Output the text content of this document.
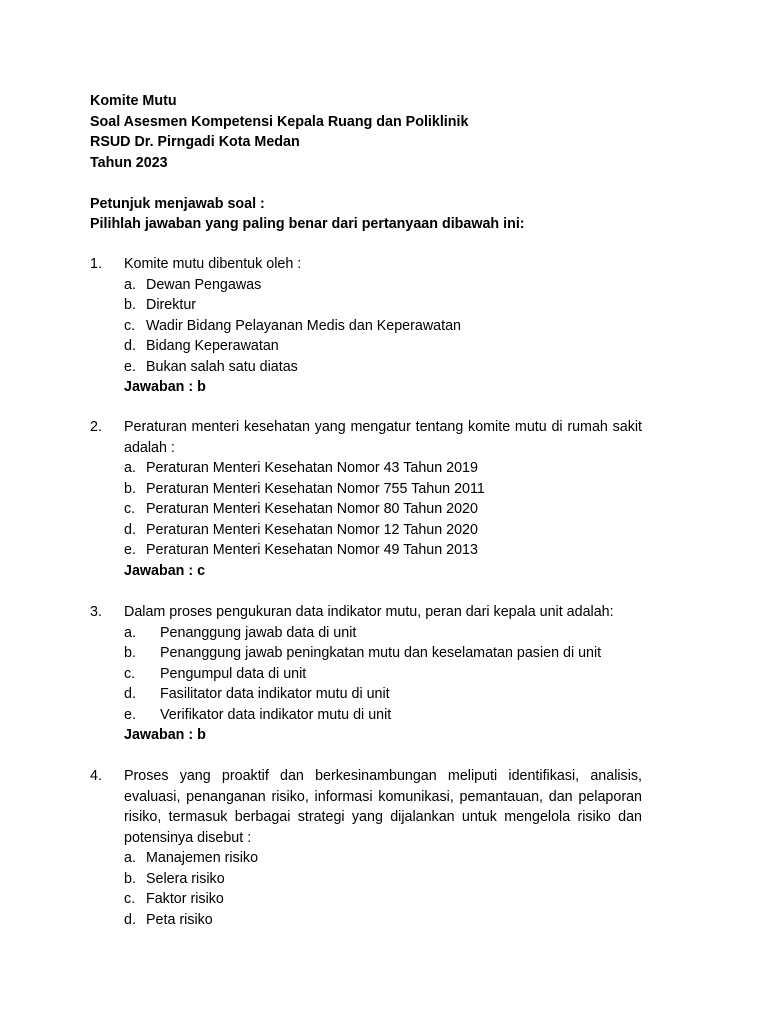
Komite Mutu
Soal Asesmen Kompetensi Kepala Ruang dan Poliklinik
RSUD Dr. Pirngadi Kota Medan
Tahun 2023
Petunjuk menjawab soal :
Pilihlah jawaban yang paling benar dari pertanyaan dibawah ini:
1.	Komite mutu dibentuk oleh :
a. Dewan Pengawas
b. Direktur
c. Wadir Bidang Pelayanan Medis dan Keperawatan
d. Bidang Keperawatan
e. Bukan salah satu diatas
Jawaban : b
2.	Peraturan menteri kesehatan yang mengatur tentang komite mutu di rumah sakit adalah :
a. Peraturan Menteri Kesehatan Nomor 43 Tahun 2019
b. Peraturan Menteri Kesehatan Nomor 755 Tahun 2011
c. Peraturan Menteri Kesehatan Nomor 80 Tahun 2020
d. Peraturan Menteri Kesehatan Nomor 12 Tahun 2020
e. Peraturan Menteri Kesehatan Nomor 49 Tahun 2013
Jawaban : c
3.	Dalam proses pengukuran data indikator mutu, peran dari kepala unit adalah:
a.	Penanggung jawab data di unit
b.	Penanggung jawab peningkatan mutu dan keselamatan pasien di unit
c.	Pengumpul data di unit
d.	Fasilitator data indikator mutu di unit
e.	Verifikator data indikator mutu di unit
Jawaban : b
4.	Proses yang proaktif dan berkesinambungan meliputi identifikasi, analisis, evaluasi, penanganan risiko, informasi komunikasi, pemantauan, dan pelaporan risiko, termasuk berbagai strategi yang dijalankan untuk mengelola risiko dan potensinya disebut :
a. Manajemen risiko
b. Selera risiko
c. Faktor risiko
d. Peta risiko
